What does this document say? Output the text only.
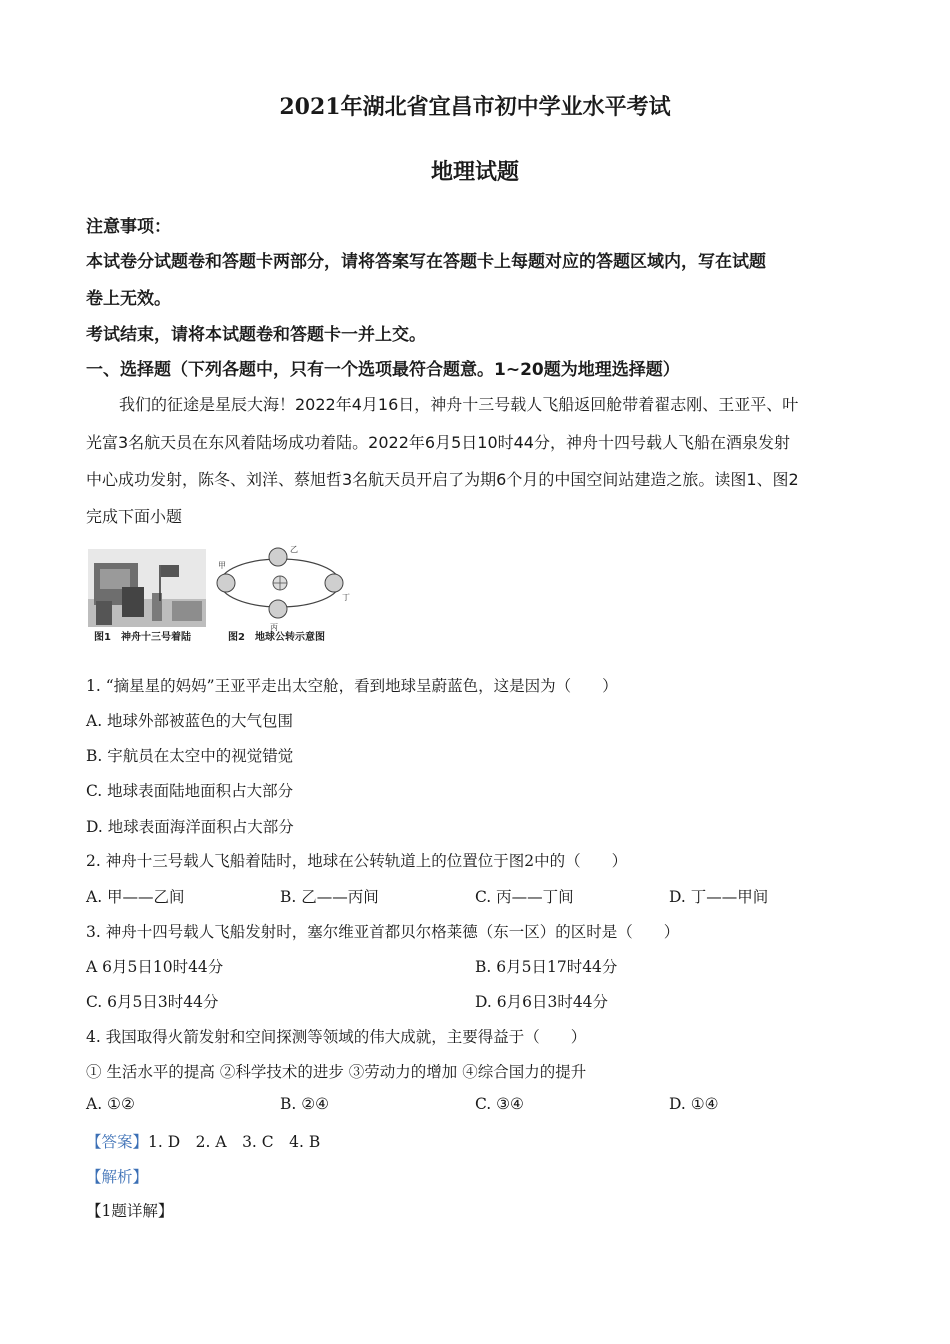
2021年湖北省宜昌市初中学业水平考试
地理试题
注意事项：
本试卷分试题卷和答题卡两部分，请将答案写在答题卡上每题对应的答题区域内，写在试题
卷上无效。
考试结束，请将本试题卷和答题卡一并上交。
一、选择题（下列各题中，只有一个选项最符合题意。1~20题为地理选择题）
我们的征途是星辰大海！2022年4月16日，神舟十三号载人飞船返回舱带着翟志刚、王亚平、叶
光富3名航天员在东风着陆场成功着陆。2022年6月5日10时44分，神舟十四号载人飞船在酒泉发射
中心成功发射，陈冬、刘洋、蔡旭哲3名航天员开启了为期6个月的中国空间站建造之旅。读图1、图2
完成下面小题
图1　神舟十三号着陆
甲
乙
丙
丁
图2　地球公转示意图
1. “摘星星的妈妈”王亚平走出太空舱，看到地球呈蔚蓝色，这是因为（　　）
A. 地球外部被蓝色的大气包围
B. 宇航员在太空中的视觉错觉
C. 地球表面陆地面积占大部分
D. 地球表面海洋面积占大部分
2. 神舟十三号载人飞船着陆时，地球在公转轨道上的位置位于图2中的（　　）
A. 甲——乙间	B. 乙——丙间	C. 丙——丁间	D. 丁——甲间
3. 神舟十四号载人飞船发射时，塞尔维亚首都贝尔格莱德（东一区）的区时是（　　）
A 6月5日10时44分	B. 6月5日17时44分
C. 6月5日3时44分	D. 6月6日3时44分
4. 我国取得火箭发射和空间探测等领域的伟大成就，主要得益于（　　）
① 生活水平的提高 ②科学技术的进步 ③劳动力的增加 ④综合国力的提升
A. ①②	B. ②④	C. ③④	D. ①④
【答案】1. D　2. A　3. C　4. B
【解析】
【1题详解】
